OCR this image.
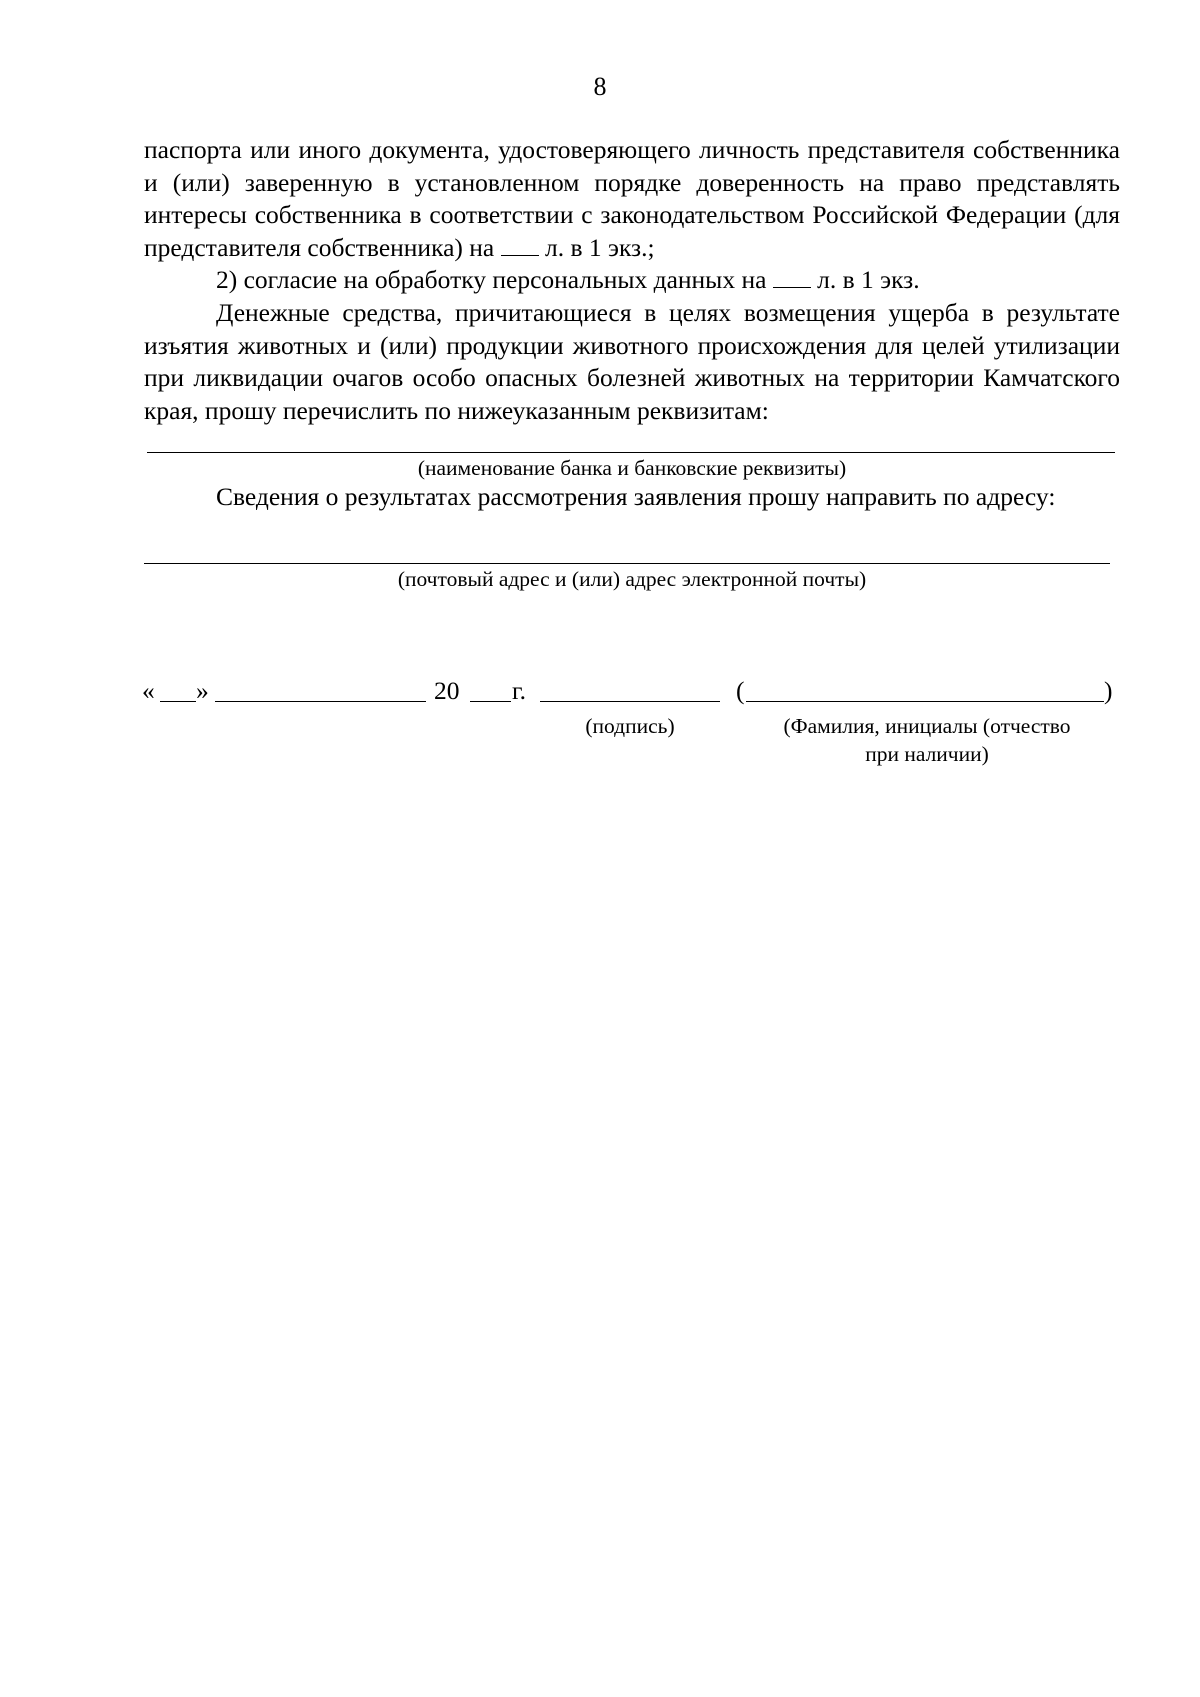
8

паспорта или иного документа, удостоверяющего личность представителя собственника и (или) заверенную в установленном порядке доверенность на право представлять интересы собственника в соответствии с законодательством Российской Федерации (для представителя собственника) на л. в 1 экз.;

2) согласие на обработку персональных данных на л. в 1 экз.

Денежные средства, причитающиеся в целях возмещения ущерба в результате изъятия животных и (или) продукции животного происхождения для целей утилизации при ликвидации очагов особо опасных болезней животных на территории Камчатского края, прошу перечислить по нижеуказанным реквизитам:

(наименование банка и банковские реквизиты)

Сведения о результатах рассмотрения заявления прошу направить по адресу:

(почтовый адрес и (или) адрес электронной почты)
« »	20 г.	(	)
(подпись)	(Фамилия, инициалы (отчество
при наличии)
